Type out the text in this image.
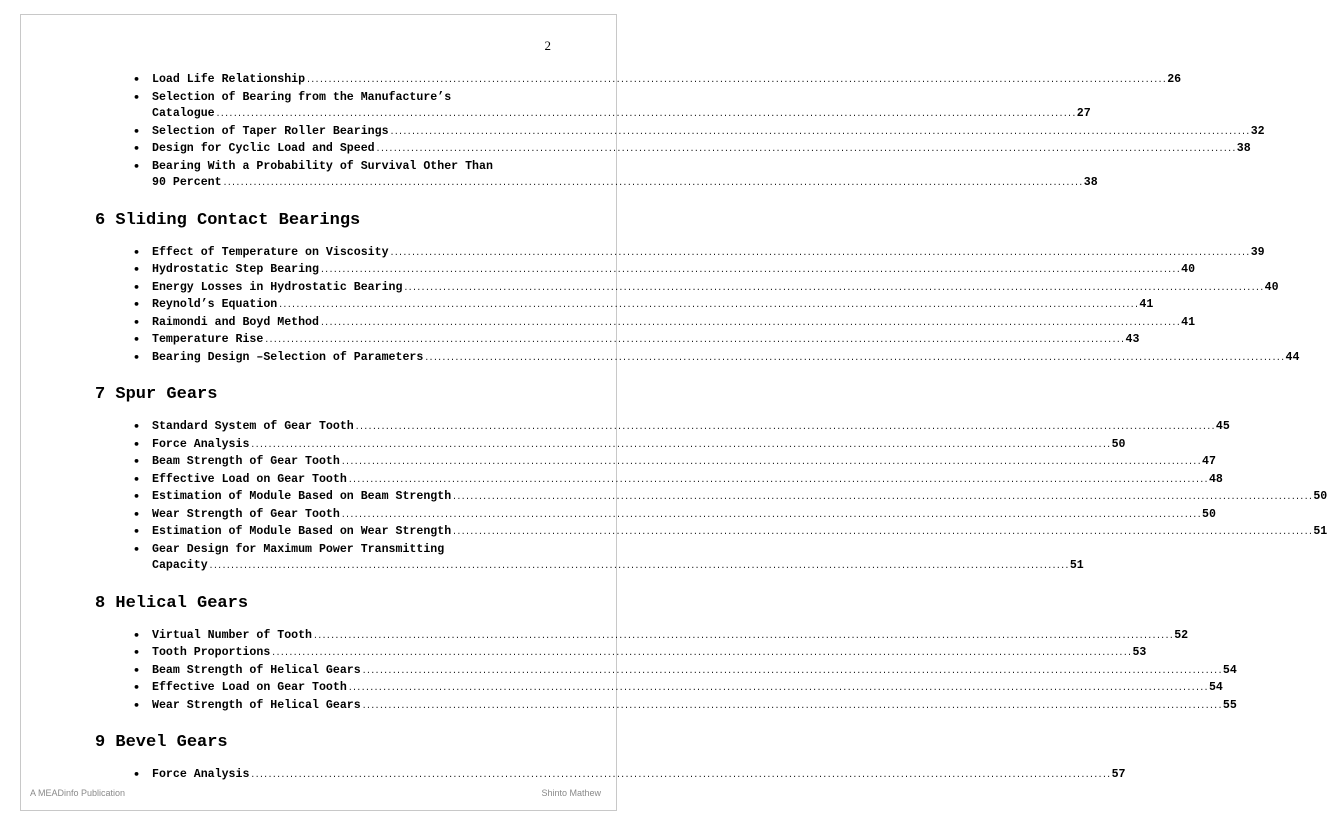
2
• Load Life Relationship ........................................................................................................................................................................................................ 26
• Selection of Bearing from the Manufacture’s
Catalogue ........................................................................................................................................................................................................ 27
• Selection of Taper Roller Bearings ........................................................................................................................................................................................................ 32
• Design for Cyclic Load and Speed ........................................................................................................................................................................................................ 38
• Bearing With a Probability of Survival Other Than
90 Percent ........................................................................................................................................................................................................ 38
6 Sliding Contact Bearings
• Effect of Temperature on Viscosity ........................................................................................................................................................................................................ 39
• Hydrostatic Step Bearing ........................................................................................................................................................................................................ 40
• Energy Losses in Hydrostatic Bearing ........................................................................................................................................................................................................ 40
• Reynold’s Equation ........................................................................................................................................................................................................ 41
• Raimondi and Boyd Method ........................................................................................................................................................................................................ 41
• Temperature Rise ........................................................................................................................................................................................................ 43
• Bearing Design –Selection of Parameters ........................................................................................................................................................................................................ 44
7 Spur Gears
• Standard System of Gear Tooth ........................................................................................................................................................................................................ 45
• Force Analysis ........................................................................................................................................................................................................ 50
• Beam Strength of Gear Tooth ........................................................................................................................................................................................................ 47
• Effective Load on Gear Tooth ........................................................................................................................................................................................................ 48
• Estimation of Module Based on Beam Strength ........................................................................................................................................................................................................ 50
• Wear Strength of Gear Tooth ........................................................................................................................................................................................................ 50
• Estimation of Module Based on Wear Strength ........................................................................................................................................................................................................ 51
• Gear Design for Maximum Power Transmitting
Capacity ........................................................................................................................................................................................................ 51
8 Helical Gears
• Virtual Number of Tooth ........................................................................................................................................................................................................ 52
• Tooth Proportions ........................................................................................................................................................................................................ 53
• Beam Strength of Helical Gears ........................................................................................................................................................................................................ 54
• Effective Load on Gear Tooth ........................................................................................................................................................................................................ 54
• Wear Strength of Helical Gears ........................................................................................................................................................................................................ 55
9 Bevel Gears
• Force Analysis ........................................................................................................................................................................................................ 57
A MEADinfo Publication	Shinto Mathew
